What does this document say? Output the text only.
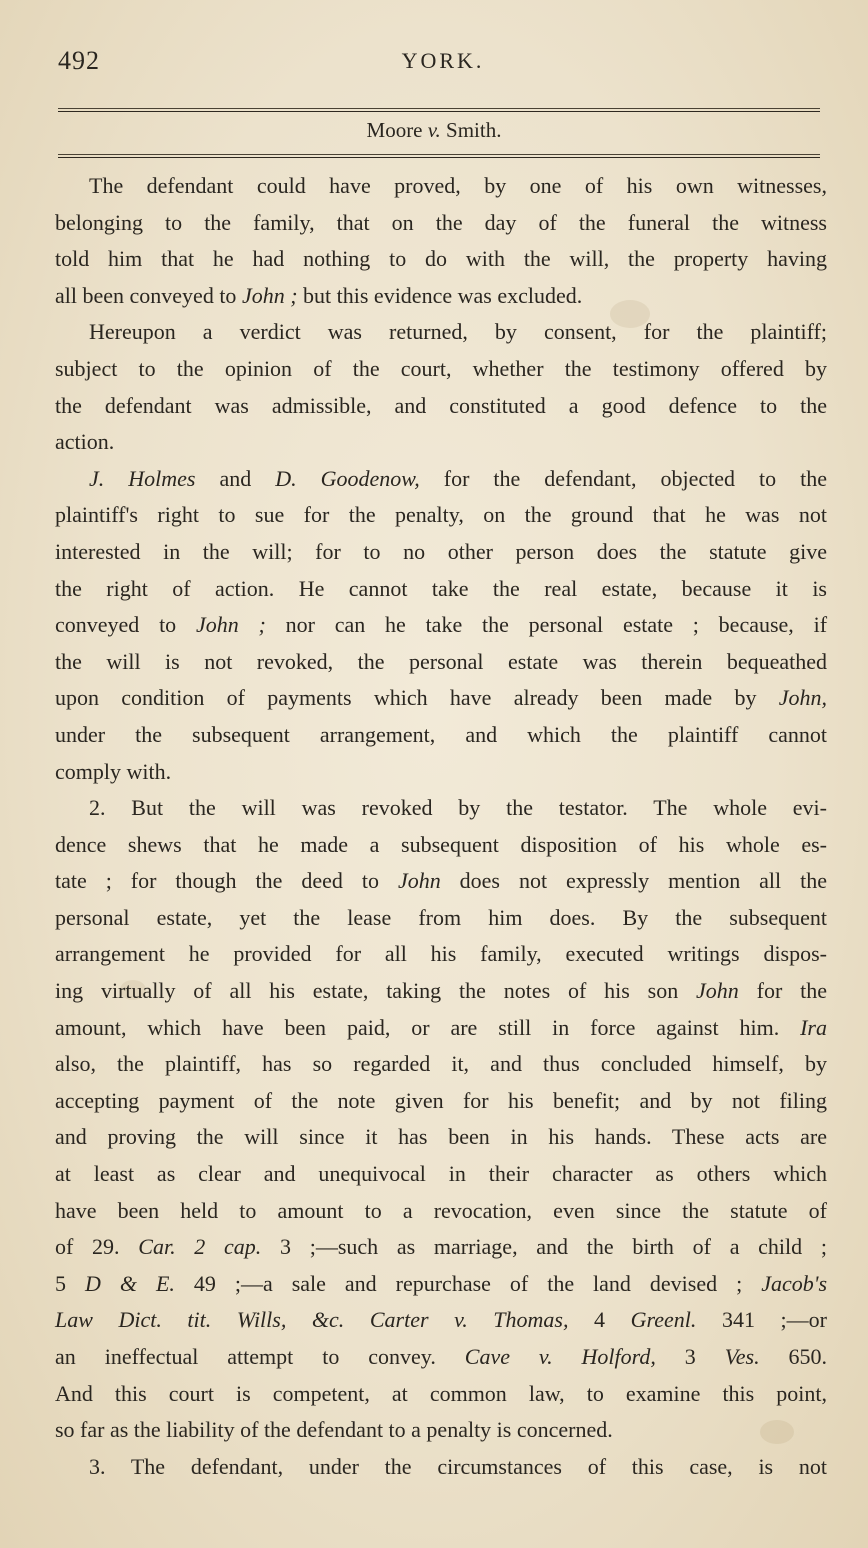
492	YORK.
Moore v. Smith.
The defendant could have proved, by one of his own witnesses,
belonging to the family, that on the day of the funeral the witness
told him that he had nothing to do with the will, the property having
all been conveyed to John ; but this evidence was excluded.
Hereupon a verdict was returned, by consent, for the plaintiff;
subject to the opinion of the court, whether the testimony offered by
the defendant was admissible, and constituted a good defence to the
action.
J. Holmes and D. Goodenow, for the defendant, objected to the
plaintiff's right to sue for the penalty, on the ground that he was not
interested in the will; for to no other person does the statute give
the right of action. He cannot take the real estate, because it is
conveyed to John ; nor can he take the personal estate ; because, if
the will is not revoked, the personal estate was therein bequeathed
upon condition of payments which have already been made by John,
under the subsequent arrangement, and which the plaintiff cannot
comply with.
2. But the will was revoked by the testator. The whole evi-
dence shews that he made a subsequent disposition of his whole es-
tate ; for though the deed to John does not expressly mention all the
personal estate, yet the lease from him does. By the subsequent
arrangement he provided for all his family, executed writings dispos-
ing virtually of all his estate, taking the notes of his son John for the
amount, which have been paid, or are still in force against him. Ira
also, the plaintiff, has so regarded it, and thus concluded himself, by
accepting payment of the note given for his benefit; and by not filing
and proving the will since it has been in his hands. These acts are
at least as clear and unequivocal in their character as others which
have been held to amount to a revocation, even since the statute of
of 29. Car. 2 cap. 3 ;—such as marriage, and the birth of a child ;
5 D & E. 49 ;—a sale and repurchase of the land devised ; Jacob's
Law Dict. tit. Wills, &c. Carter v. Thomas, 4 Greenl. 341 ;—or
an ineffectual attempt to convey. Cave v. Holford, 3 Ves. 650.
And this court is competent, at common law, to examine this point,
so far as the liability of the defendant to a penalty is concerned.
3. The defendant, under the circumstances of this case, is not
